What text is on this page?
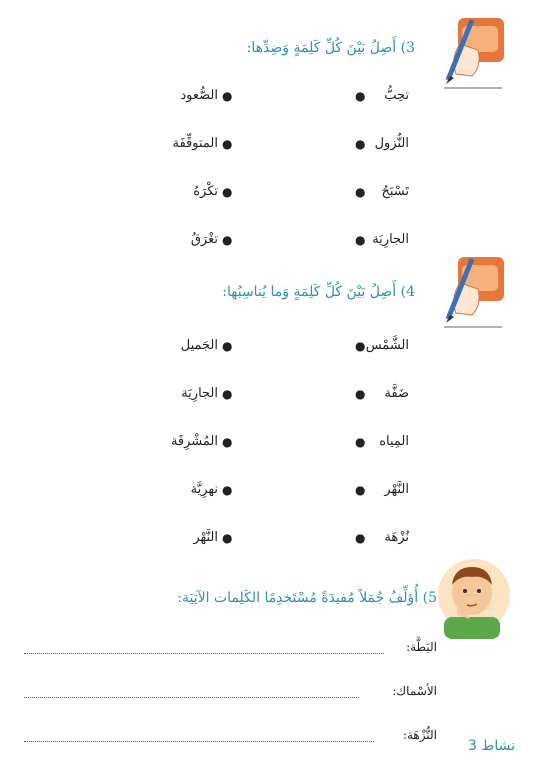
3) أَصِلُ بَيْنَ كُلِّ كَلِمَةٍ وَضِدِّها:
تحِبُّ
●
●
الصُّعود
النُّزول
●
●
المتوقِّفَة
تَسْبَحُ
●
●
تكْرَهُ
الجارِيَة
●
●
تغْرَقُ
4) أَصِلُ بَيْنَ كُلِّ كَلِمَةٍ وَما يُناسِبُها:
الشَّمْس
●
●
الجَميل
ضَفَّة
●
●
الجارِيَة
المِياه
●
●
المُشْرِقَة
النَّهْر
●
●
نهرِيَّة
نُزْهَة
●
●
النَّهْر
5) أُؤلِّفُ جُمَلاً مُفيدَةً مُسْتَخدِمًا الكَلِمات الآتِيَة:
البَطَّة:
الأسْماك:
النُّزْهَة:
نشاط 3
